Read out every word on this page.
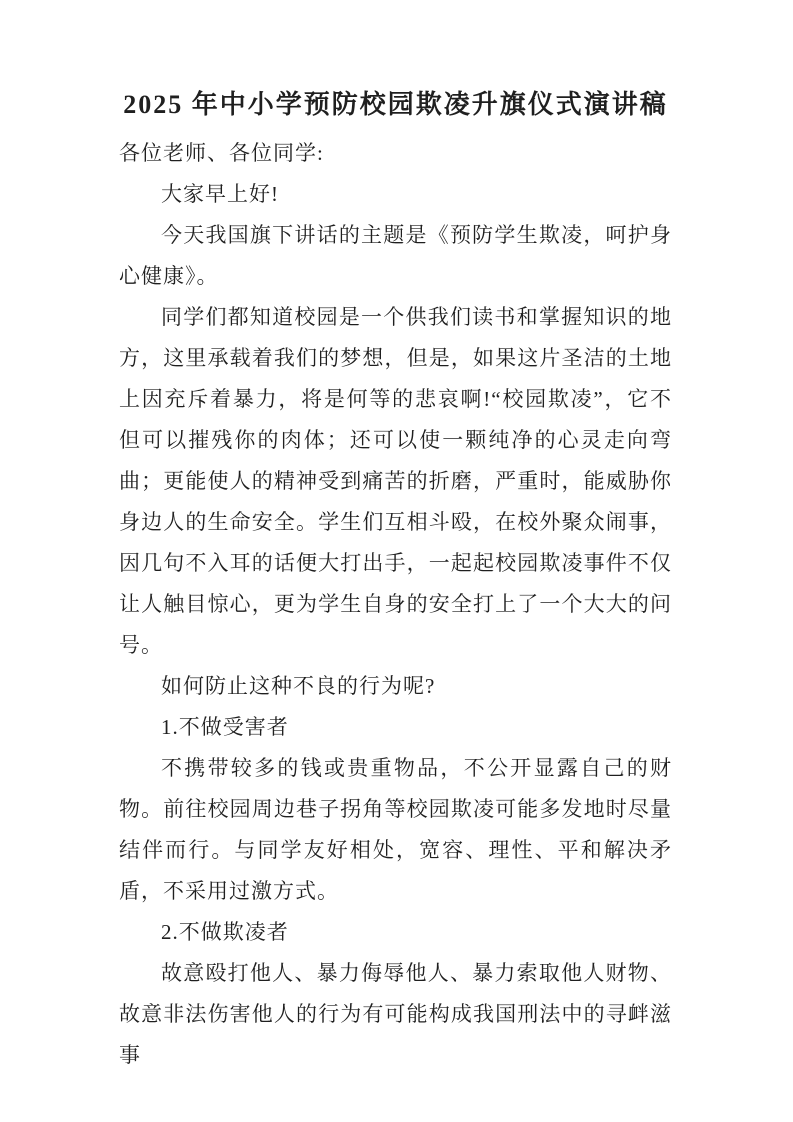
2025 年中小学预防校园欺凌升旗仪式演讲稿

各位老师、各位同学:

大家早上好!

今天我国旗下讲话的主题是《预防学生欺凌，呵护身心健康》。

同学们都知道校园是一个供我们读书和掌握知识的地方，这里承载着我们的梦想，但是，如果这片圣洁的土地上因充斥着暴力，将是何等的悲哀啊!“校园欺凌”，它不但可以摧残你的肉体；还可以使一颗纯净的心灵走向弯曲；更能使人的精神受到痛苦的折磨，严重时，能威胁你身边人的生命安全。学生们互相斗殴，在校外聚众闹事，因几句不入耳的话便大打出手，一起起校园欺凌事件不仅让人触目惊心，更为学生自身的安全打上了一个大大的问号。

如何防止这种不良的行为呢?

1.不做受害者

不携带较多的钱或贵重物品，不公开显露自己的财物。前往校园周边巷子拐角等校园欺凌可能多发地时尽量结伴而行。与同学友好相处，宽容、理性、平和解决矛盾，不采用过激方式。

2.不做欺凌者

故意殴打他人、暴力侮辱他人、暴力索取他人财物、故意非法伤害他人的行为有可能构成我国刑法中的寻衅滋事
